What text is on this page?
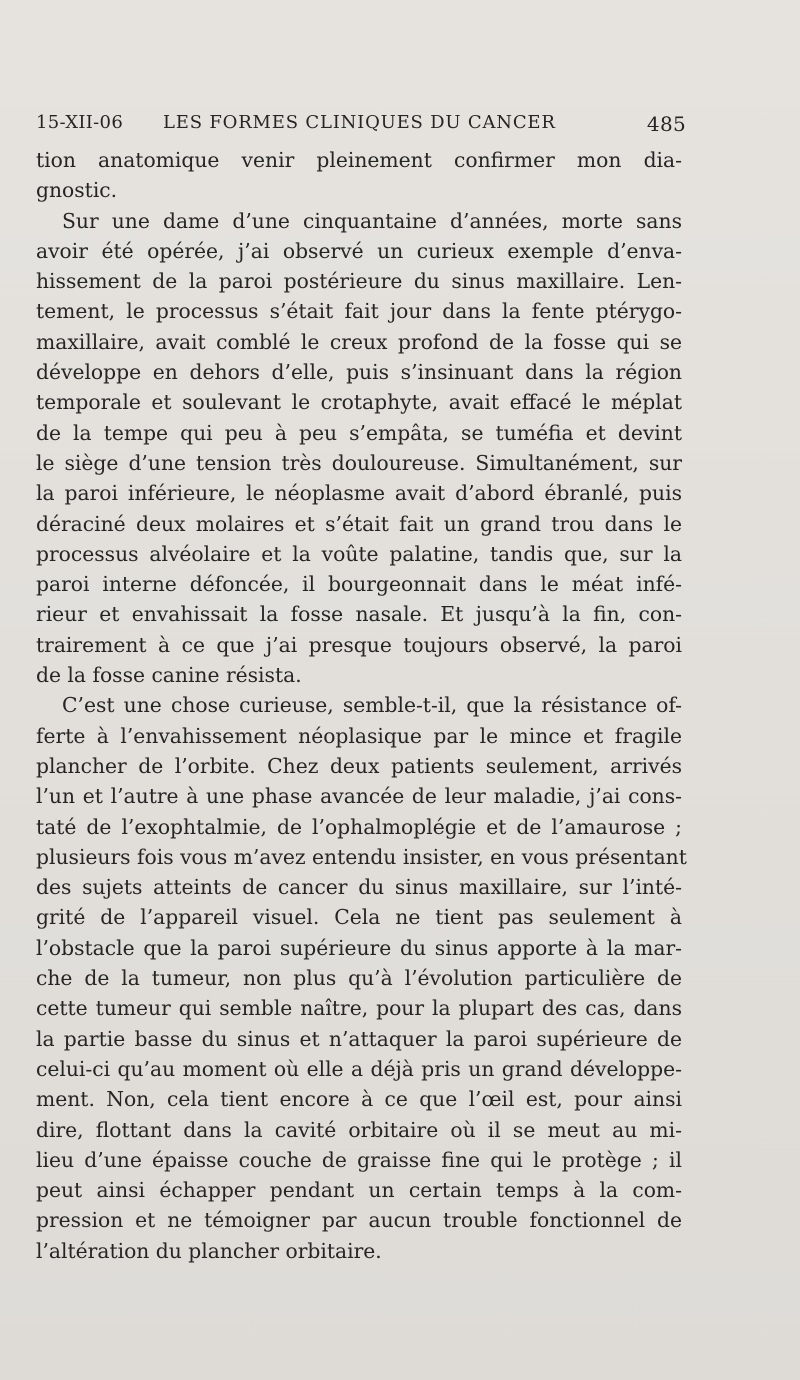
15-XII-06 LES FORMES CLINIQUES DU CANCER	485
tion anatomique venir pleinement confirmer mon dia-
gnostic.
Sur une dame d’une cinquantaine d’années, morte sans
avoir été opérée, j’ai observé un curieux exemple d’enva-
hissement de la paroi postérieure du sinus maxillaire. Len-
tement, le processus s’était fait jour dans la fente ptérygo-
maxillaire, avait comblé le creux profond de la fosse qui se
développe en dehors d’elle, puis s’insinuant dans la région
temporale et soulevant le crotaphyte, avait effacé le méplat
de la tempe qui peu à peu s’empâta, se tuméfia et devint
le siège d’une tension très douloureuse. Simultanément, sur
la paroi inférieure, le néoplasme avait d’abord ébranlé, puis
déraciné deux molaires et s’était fait un grand trou dans le
processus alvéolaire et la voûte palatine, tandis que, sur la
paroi interne défoncée, il bourgeonnait dans le méat infé-
rieur et envahissait la fosse nasale. Et jusqu’à la fin, con-
trairement à ce que j’ai presque toujours observé, la paroi
de la fosse canine résista.
C’est une chose curieuse, semble-t-il, que la résistance of-
ferte à l’envahissement néoplasique par le mince et fragile
plancher de l’orbite. Chez deux patients seulement, arrivés
l’un et l’autre à une phase avancée de leur maladie, j’ai cons-
taté de l’exophtalmie, de l’ophalmoplégie et de l’amaurose ;
plusieurs fois vous m’avez entendu insister, en vous présentant
des sujets atteints de cancer du sinus maxillaire, sur l’inté-
grité de l’appareil visuel. Cela ne tient pas seulement à
l’obstacle que la paroi supérieure du sinus apporte à la mar-
che de la tumeur, non plus qu’à l’évolution particulière de
cette tumeur qui semble naître, pour la plupart des cas, dans
la partie basse du sinus et n’attaquer la paroi supérieure de
celui-ci qu’au moment où elle a déjà pris un grand développe-
ment. Non, cela tient encore à ce que l’œil est, pour ainsi
dire, flottant dans la cavité orbitaire où il se meut au mi-
lieu d’une épaisse couche de graisse fine qui le protège ; il
peut ainsi échapper pendant un certain temps à la com-
pression et ne témoigner par aucun trouble fonctionnel de
l’altération du plancher orbitaire.
